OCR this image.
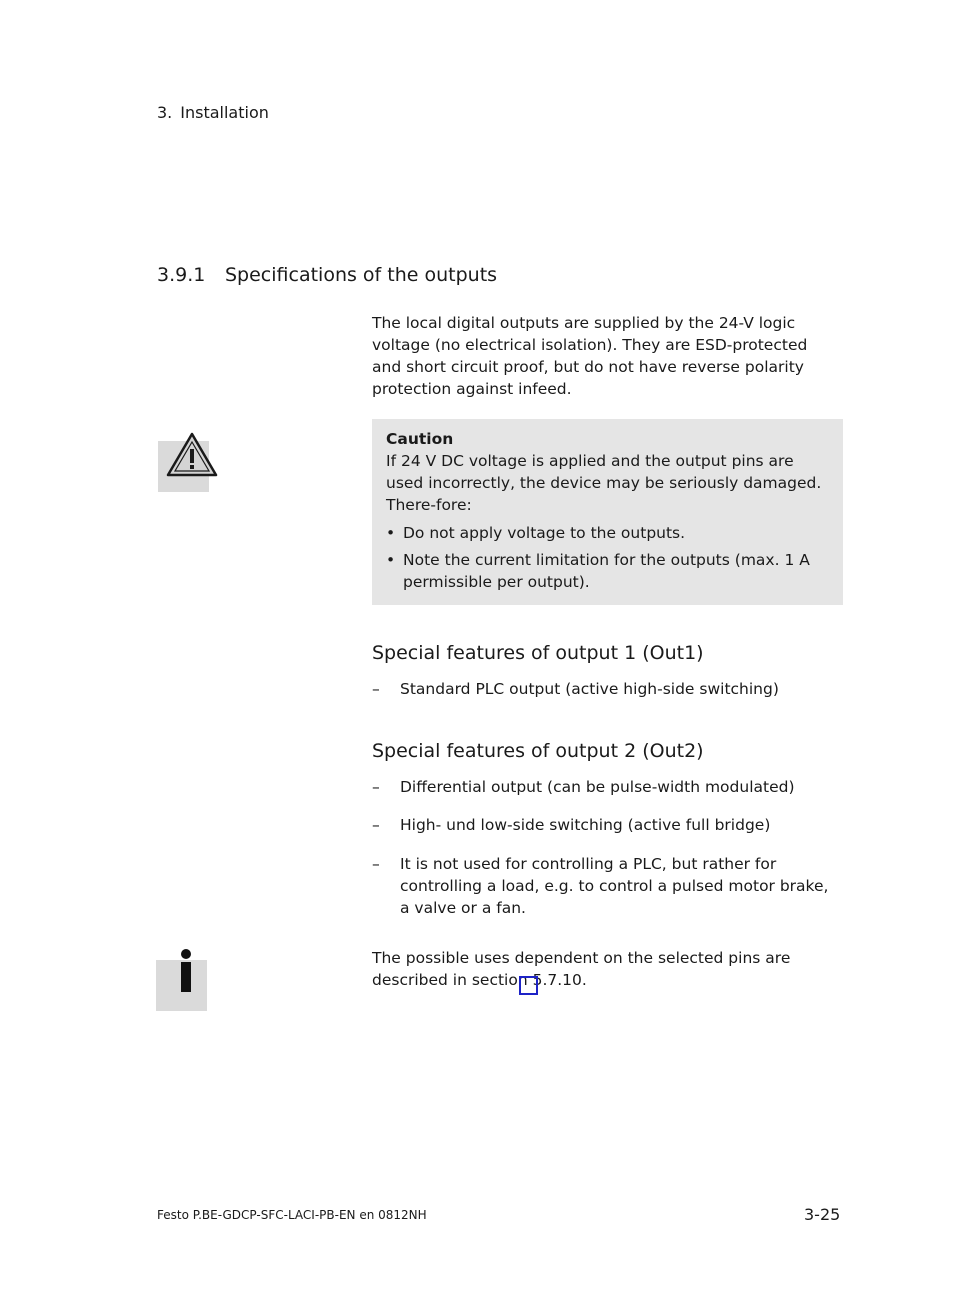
3. Installation
3.9.1 Specifications of the outputs

The local digital outputs are supplied by the 24-V logic voltage (no electrical isolation). They are ESD-protected and short circuit proof, but do not have reverse polarity protection against infeed.

Caution

If 24 V DC voltage is applied and the output pins are used incorrectly, the device may be seriously damaged. There-fore:

• Do not apply voltage to the outputs.
• Note the current limitation for the outputs (max. 1 A permissible per output).
Special features of output 1 (Out1)
–	Standard PLC output (active high-side switching)
Special features of output 2 (Out2)
–	Differential output (can be pulse-width modulated)
–	High- und low-side switching (active full bridge)
–	It is not used for controlling a PLC, but rather for controlling a load, e.g. to control a pulsed motor brake, a valve or a fan.

The possible uses dependent on the selected pins are described in section 5.7.10.

Festo P.BE-GDCP-SFC-LACI-PB-EN en 0812NH	3-25
